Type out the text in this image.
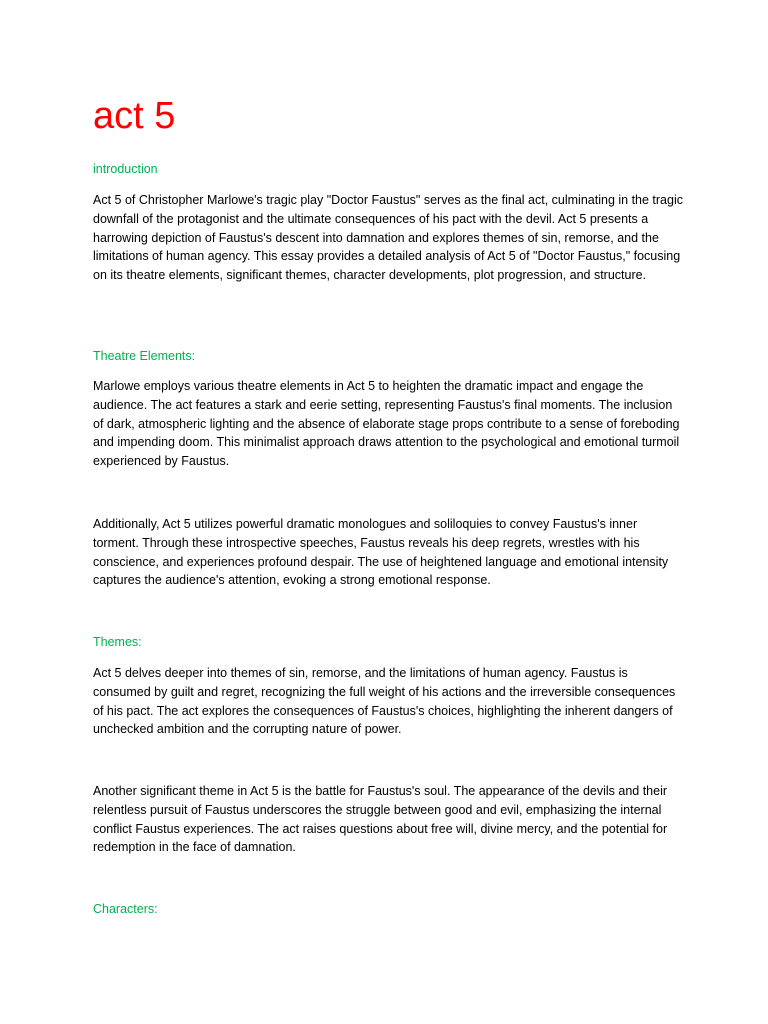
act 5
introduction

Act 5 of Christopher Marlowe's tragic play "Doctor Faustus" serves as the final act, culminating in the tragic downfall of the protagonist and the ultimate consequences of his pact with the devil. Act 5 presents a harrowing depiction of Faustus's descent into damnation and explores themes of sin, remorse, and the limitations of human agency. This essay provides a detailed analysis of Act 5 of "Doctor Faustus," focusing on its theatre elements, significant themes, character developments, plot progression, and structure.

Theatre Elements:

Marlowe employs various theatre elements in Act 5 to heighten the dramatic impact and engage the audience. The act features a stark and eerie setting, representing Faustus's final moments. The inclusion of dark, atmospheric lighting and the absence of elaborate stage props contribute to a sense of foreboding and impending doom. This minimalist approach draws attention to the psychological and emotional turmoil experienced by Faustus.

Additionally, Act 5 utilizes powerful dramatic monologues and soliloquies to convey Faustus's inner torment. Through these introspective speeches, Faustus reveals his deep regrets, wrestles with his conscience, and experiences profound despair. The use of heightened language and emotional intensity captures the audience's attention, evoking a strong emotional response.

Themes:

Act 5 delves deeper into themes of sin, remorse, and the limitations of human agency. Faustus is consumed by guilt and regret, recognizing the full weight of his actions and the irreversible consequences of his pact. The act explores the consequences of Faustus's choices, highlighting the inherent dangers of unchecked ambition and the corrupting nature of power.

Another significant theme in Act 5 is the battle for Faustus's soul. The appearance of the devils and their relentless pursuit of Faustus underscores the struggle between good and evil, emphasizing the internal conflict Faustus experiences. The act raises questions about free will, divine mercy, and the potential for redemption in the face of damnation.

Characters:
